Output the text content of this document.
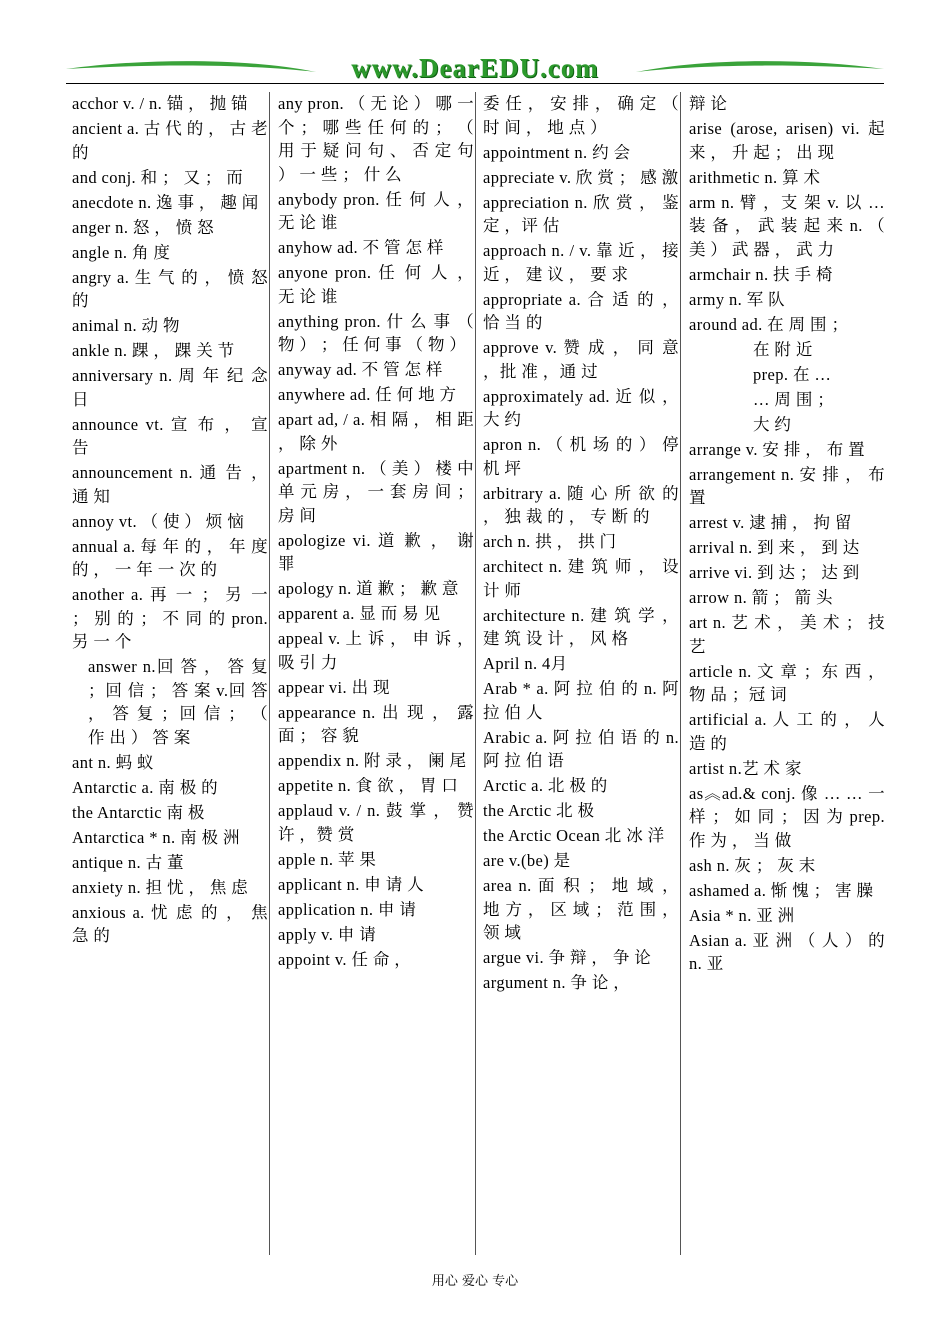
www.DearEDU.com
acchor v. / n. 锚 ， 抛 锚
ancient a. 古 代 的 ， 古 老 的
and conj. 和 ； 又 ； 而
anecdote n. 逸 事 ， 趣 闻
anger n. 怒 ， 愤 怒
angle n. 角 度
angry a. 生 气 的 ， 愤 怒 的
animal n. 动 物
ankle n. 踝 ， 踝 关 节
anniversary n. 周 年 纪 念 日
announce vt. 宣 布 ， 宣 告
announcement n. 通 告 ， 通 知
annoy vt. （ 使 ） 烦 恼
annual a. 每 年 的 ， 年 度 的 ， 一 年 一 次 的
another a. 再 一 ； 另 一 ； 别 的 ； 不 同 的 pron. 另 一 个
answer n.回 答 ， 答 复 ；回 信 ； 答 案 v.回 答 ， 答 复 ；回 信 ； （ 作 出 ） 答 案
ant n. 蚂 蚁
Antarctic a. 南 极 的
the Antarctic 南 极
Antarctica * n. 南 极 洲
antique n. 古 董
anxiety n. 担 忧 ， 焦 虑
anxious a. 忧 虑 的 ， 焦 急 的
any pron. （ 无 论 ） 哪 一 个 ； 哪 些 任 何 的 ； （ 用 于 疑 问 句 、 否 定 句 ） 一 些 ； 什 么
anybody pron. 任 何 人 ， 无 论 谁
anyhow ad. 不 管 怎 样
anyone pron. 任 何 人 ， 无 论 谁
anything pron. 什 么 事 （ 物 ） ； 任 何 事 （ 物 ）
anyway ad. 不 管 怎 样
anywhere ad. 任 何 地 方
apart ad, / a. 相 隔 ， 相 距 ， 除 外
apartment n. （ 美 ） 楼 中 单 元 房 ， 一 套 房 间 ； 房 间
apologize vi. 道 歉 ， 谢 罪
apology n. 道 歉 ； 歉 意
apparent a. 显 而 易 见
appeal v. 上 诉 ， 申 诉 ， 吸 引 力
appear vi. 出 现
appearance n. 出 现 ， 露 面 ； 容 貌
appendix n. 附 录 ， 阑 尾
appetite n. 食 欲 ， 胃 口
applaud v. / n. 鼓 掌 ， 赞 许 ，赞 赏
apple n. 苹 果
applicant n. 申 请 人
application n. 申 请
apply v. 申 请
appoint v. 任 命 ，
委 任 ， 安 排 ， 确 定 （ 时 间 ， 地 点 ）
appointment n. 约 会
appreciate v. 欣 赏 ； 感 激
appreciation n. 欣 赏 ， 鉴 定 ，评 估
approach n. / v. 靠 近 ， 接 近 ， 建 议 ， 要 求
appropriate a. 合 适 的 ， 恰 当 的
approve v. 赞 成 ， 同 意 ，批 准 ，通 过
approximately ad. 近 似 ， 大 约
apron n. （ 机 场 的 ） 停 机 坪
arbitrary a. 随 心 所 欲 的 ， 独 裁 的 ， 专 断 的
arch n. 拱 ， 拱 门
architect n. 建 筑 师 ， 设 计 师
architecture n. 建 筑 学 ， 建 筑 设 计 ， 风 格
April n. 4月
Arab * a. 阿 拉 伯 的 n. 阿 拉 伯 人
Arabic a. 阿 拉 伯 语 的 n. 阿 拉 伯 语
Arctic a. 北 极 的
the Arctic 北 极
the Arctic Ocean 北 冰 洋
are v.(be) 是
area n. 面 积 ； 地 域 ， 地 方 ， 区 域 ； 范 围 ， 领 域
argue vi. 争 辩 ， 争 论
argument n. 争 论 ，
辩 论
arise (arose, arisen) vi. 起 来 ， 升 起 ； 出 现
arithmetic n. 算 术
arm n. 臂 ，支 架 v. 以 … 装 备 ， 武 装 起 来 n. （ 美 ） 武 器 ， 武 力
armchair n. 扶 手 椅
army n. 军 队
around ad. 在 周 围 ；
在 附 近
prep. 在 …
… 周 围 ；
大 约
arrange v. 安 排 ， 布 置
arrangement n. 安 排 ， 布 置
arrest v. 逮 捕 ， 拘 留
arrival n. 到 来 ， 到 达
arrive vi. 到 达 ； 达 到
arrow n. 箭 ； 箭 头
art n. 艺 术 ， 美 术 ； 技 艺
article n. 文 章 ；东 西 ，物 品 ；冠 词
artificial a. 人 工 的 ， 人 造 的
artist n.艺 术 家
as︽ad.& conj. 像 … … 一 样 ； 如 同 ； 因 为 prep. 作 为 ， 当 做
ash n. 灰 ； 灰 末
ashamed a. 惭 愧 ； 害 臊
Asia * n. 亚 洲
Asian a. 亚 洲 （ 人 ） 的 n. 亚
用心 爱心 专心
